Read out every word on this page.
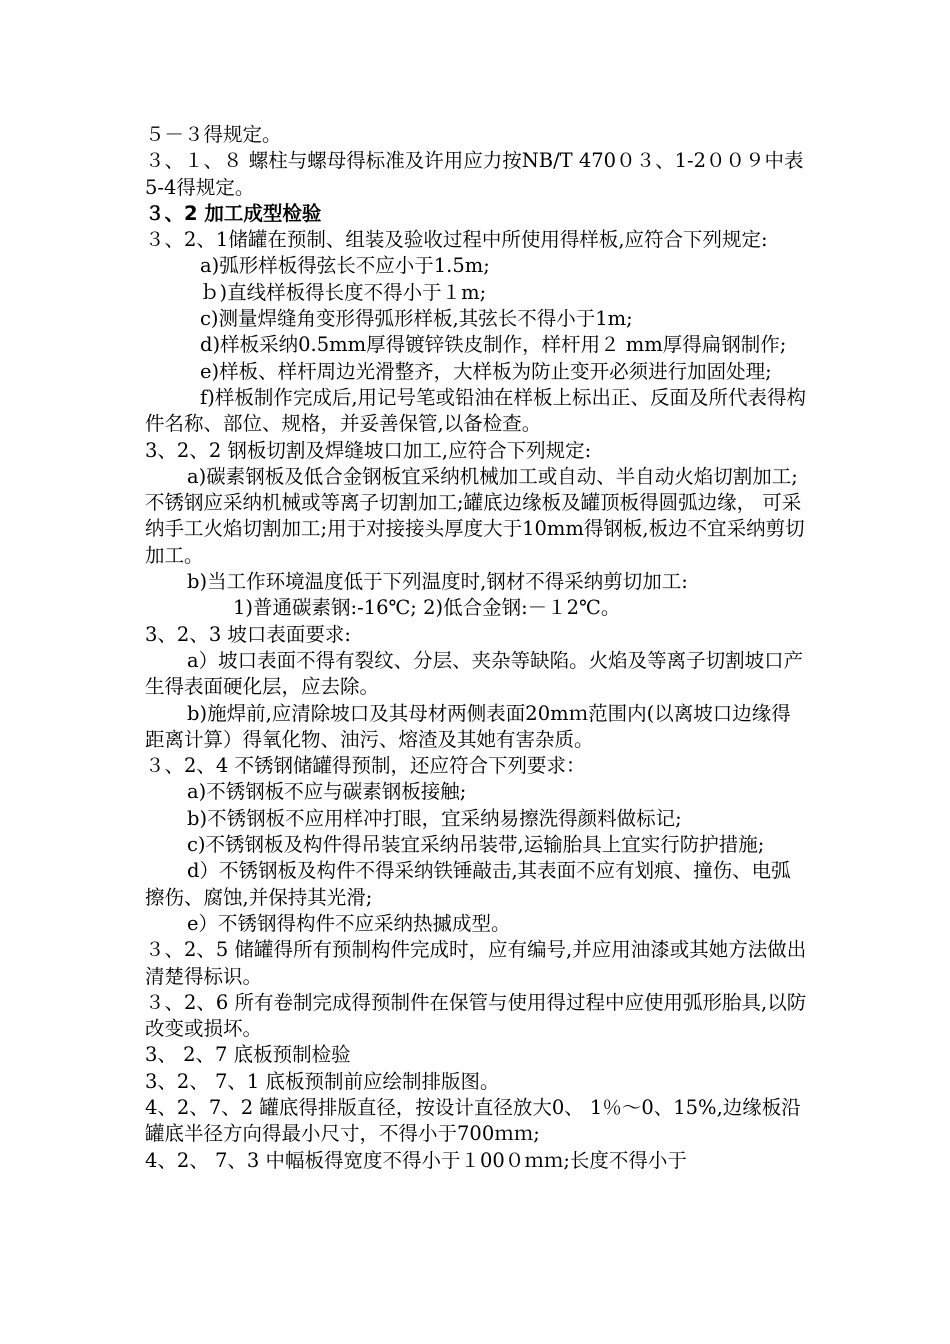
５－３得规定。

３、１、８ 螺柱与螺母得标准及许用应力按NB/T 470０３、1-2００９中表5-4得规定。

３、2 加工成型检验

３、2、1储罐在预制、组装及验收过程中所使用得样板,应符合下列规定:

a)弧形样板得弦长不应小于1.5m;

ｂ)直线样板得长度不得小于１m;

c)测量焊缝角变形得弧形样板,其弦长不得小于1m;

d)样板采纳0.5mm厚得镀锌铁皮制作，样杆用２ mm厚得扁钢制作;

e)样板、样杆周边光滑整齐，大样板为防止变开必须进行加固处理;

f)样板制作完成后,用记号笔或铅油在样板上标出正、反面及所代表得构件名称、部位、规格，并妥善保管,以备检查。

3、2、2 钢板切割及焊缝坡口加工,应符合下列规定:

a)碳素钢板及低合金钢板宜采纳机械加工或自动、半自动火焰切割加工;不锈钢应采纳机械或等离子切割加工;罐底边缘板及罐顶板得圆弧边缘， 可采纳手工火焰切割加工;用于对接接头厚度大于10mm得钢板,板边不宜采纳剪切加工。

b)当工作环境温度低于下列温度时,钢材不得采纳剪切加工:

1)普通碳素钢:-16℃; 2)低合金钢:－１2℃。

3、2、3 坡口表面要求:

a）坡口表面不得有裂纹、分层、夹杂等缺陷。火焰及等离子切割坡口产生得表面硬化层，应去除。

b)施焊前,应清除坡口及其母材两侧表面20mｍ范围内(以离坡口边缘得距离计算）得氧化物、油污、熔渣及其她有害杂质。

３、2、4 不锈钢储罐得预制，还应符合下列要求：

a)不锈钢板不应与碳素钢板接触;

b)不锈钢板不应用样冲打眼，宜采纳易擦洗得颜料做标记;

c)不锈钢板及构件得吊装宜采纳吊装带,运输胎具上宜实行防护措施;

d）不锈钢板及构件不得采纳铁锤敲击,其表面不应有划痕、撞伤、电弧擦伤、腐蚀,并保持其光滑;

e）不锈钢得构件不应采纳热摵成型。

３、2、5 储罐得所有预制构件完成时，应有编号,并应用油漆或其她方法做出清楚得标识。

３、2、6 所有卷制完成得预制件在保管与使用得过程中应使用弧形胎具,以防改变或损坏。

3、 2、7 底板预制检验

3、2、 7、1 底板预制前应绘制排版图。

4、2、7、2 罐底得排版直径，按设计直径放大0、 1％～0、15%,边缘板沿罐底半径方向得最小尺寸，不得小于700ｍｍ;

4、2、 7、3 中幅板得宽度不得小于１00０ｍｍ;长度不得小于
